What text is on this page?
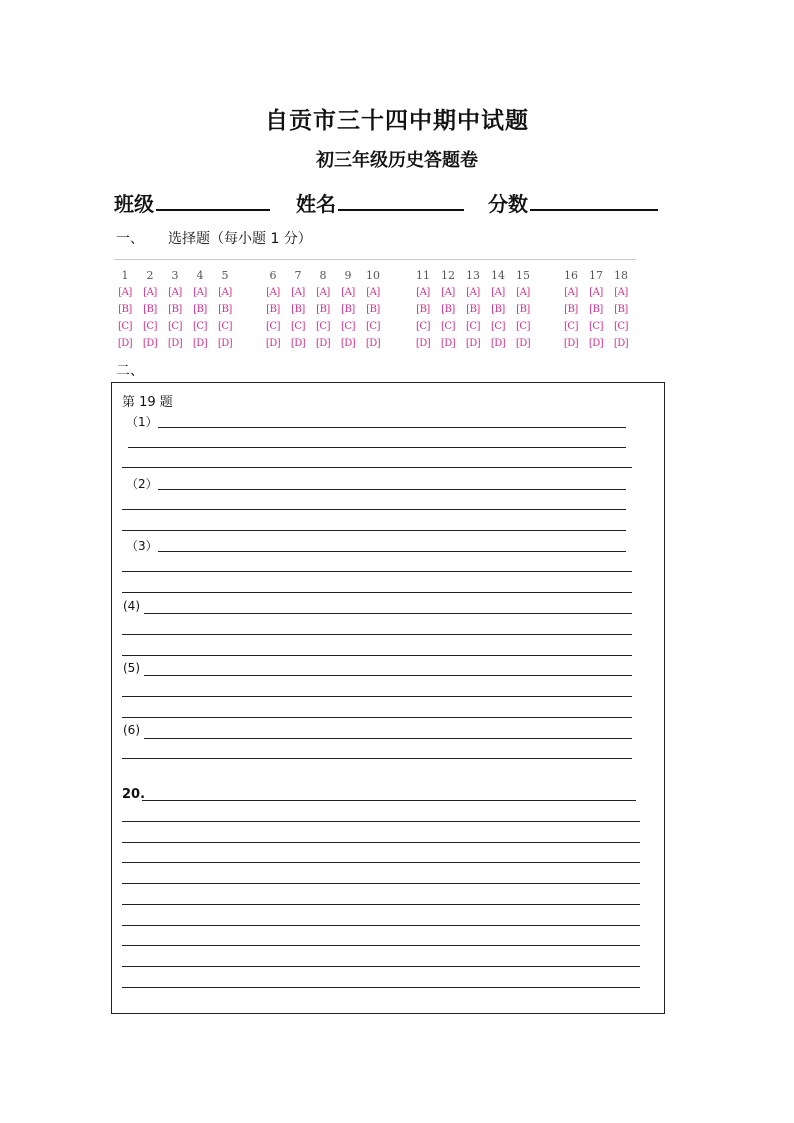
自贡市三十四中期中试题
初三年级历史答题卷
班级	姓名	分数
一、 选择题（每小题 1 分）
1
[A]
[B]
[C]
[D]
2
[A]
[B]
[C]
[D]
3
[A]
[B]
[C]
[D]
4
[A]
[B]
[C]
[D]
5
[A]
[B]
[C]
[D]
6
[A]
[B]
[C]
[D]
7
[A]
[B]
[C]
[D]
8
[A]
[B]
[C]
[D]
9
[A]
[B]
[C]
[D]
10
[A]
[B]
[C]
[D]
11
[A]
[B]
[C]
[D]
12
[A]
[B]
[C]
[D]
13
[A]
[B]
[C]
[D]
14
[A]
[B]
[C]
[D]
15
[A]
[B]
[C]
[D]
16
[A]
[B]
[C]
[D]
17
[A]
[B]
[C]
[D]
18
[A]
[B]
[C]
[D]
二、
第 19 题
20.
（1）
（2）
（3）
(4)
(5)
(6)
